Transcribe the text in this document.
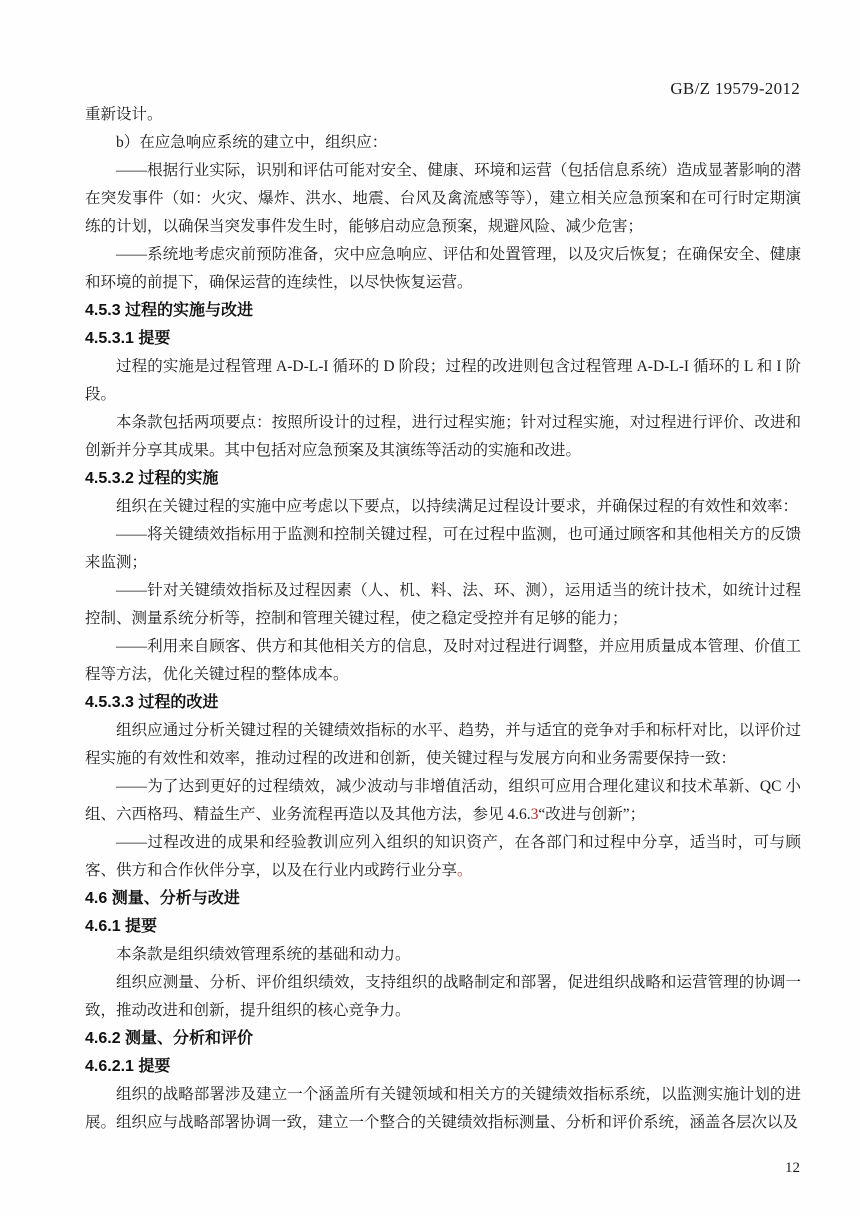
GB/Z 19579-2012

重新设计。

b）在应急响应系统的建立中，组织应：

——根据行业实际，识别和评估可能对安全、健康、环境和运营（包括信息系统）造成显著影响的潜在突发事件（如：火灾、爆炸、洪水、地震、台风及禽流感等等），建立相关应急预案和在可行时定期演练的计划，以确保当突发事件发生时，能够启动应急预案，规避风险、减少危害；

——系统地考虑灾前预防准备，灾中应急响应、评估和处置管理，以及灾后恢复；在确保安全、健康和环境的前提下，确保运营的连续性，以尽快恢复运营。

4.5.3 过程的实施与改进
4.5.3.1 提要

过程的实施是过程管理 A-D-L-I 循环的 D 阶段；过程的改进则包含过程管理 A-D-L-I 循环的 L 和 I 阶段。

本条款包括两项要点：按照所设计的过程，进行过程实施；针对过程实施，对过程进行评价、改进和创新并分享其成果。其中包括对应急预案及其演练等活动的实施和改进。

4.5.3.2 过程的实施

组织在关键过程的实施中应考虑以下要点，以持续满足过程设计要求，并确保过程的有效性和效率：

——将关键绩效指标用于监测和控制关键过程，可在过程中监测，也可通过顾客和其他相关方的反馈来监测；

——针对关键绩效指标及过程因素（人、机、料、法、环、测），运用适当的统计技术，如统计过程控制、测量系统分析等，控制和管理关键过程，使之稳定受控并有足够的能力；

——利用来自顾客、供方和其他相关方的信息，及时对过程进行调整，并应用质量成本管理、价值工程等方法，优化关键过程的整体成本。

4.5.3.3 过程的改进

组织应通过分析关键过程的关键绩效指标的水平、趋势，并与适宜的竞争对手和标杆对比，以评价过程实施的有效性和效率，推动过程的改进和创新，使关键过程与发展方向和业务需要保持一致：

——为了达到更好的过程绩效，减少波动与非增值活动，组织可应用合理化建议和技术革新、QC 小组、六西格玛、精益生产、业务流程再造以及其他方法，参见 4.6.3“改进与创新”；

——过程改进的成果和经验教训应列入组织的知识资产，在各部门和过程中分享，适当时，可与顾客、供方和合作伙伴分享，以及在行业内或跨行业分享。

4.6 测量、分析与改进
4.6.1 提要

本条款是组织绩效管理系统的基础和动力。

组织应测量、分析、评价组织绩效，支持组织的战略制定和部署，促进组织战略和运营管理的协调一致，推动改进和创新，提升组织的核心竞争力。

4.6.2 测量、分析和评价
4.6.2.1 提要

组织的战略部署涉及建立一个涵盖所有关键领域和相关方的关键绩效指标系统，以监测实施计划的进展。组织应与战略部署协调一致，建立一个整合的关键绩效指标测量、分析和评价系统，涵盖各层次以及

12
